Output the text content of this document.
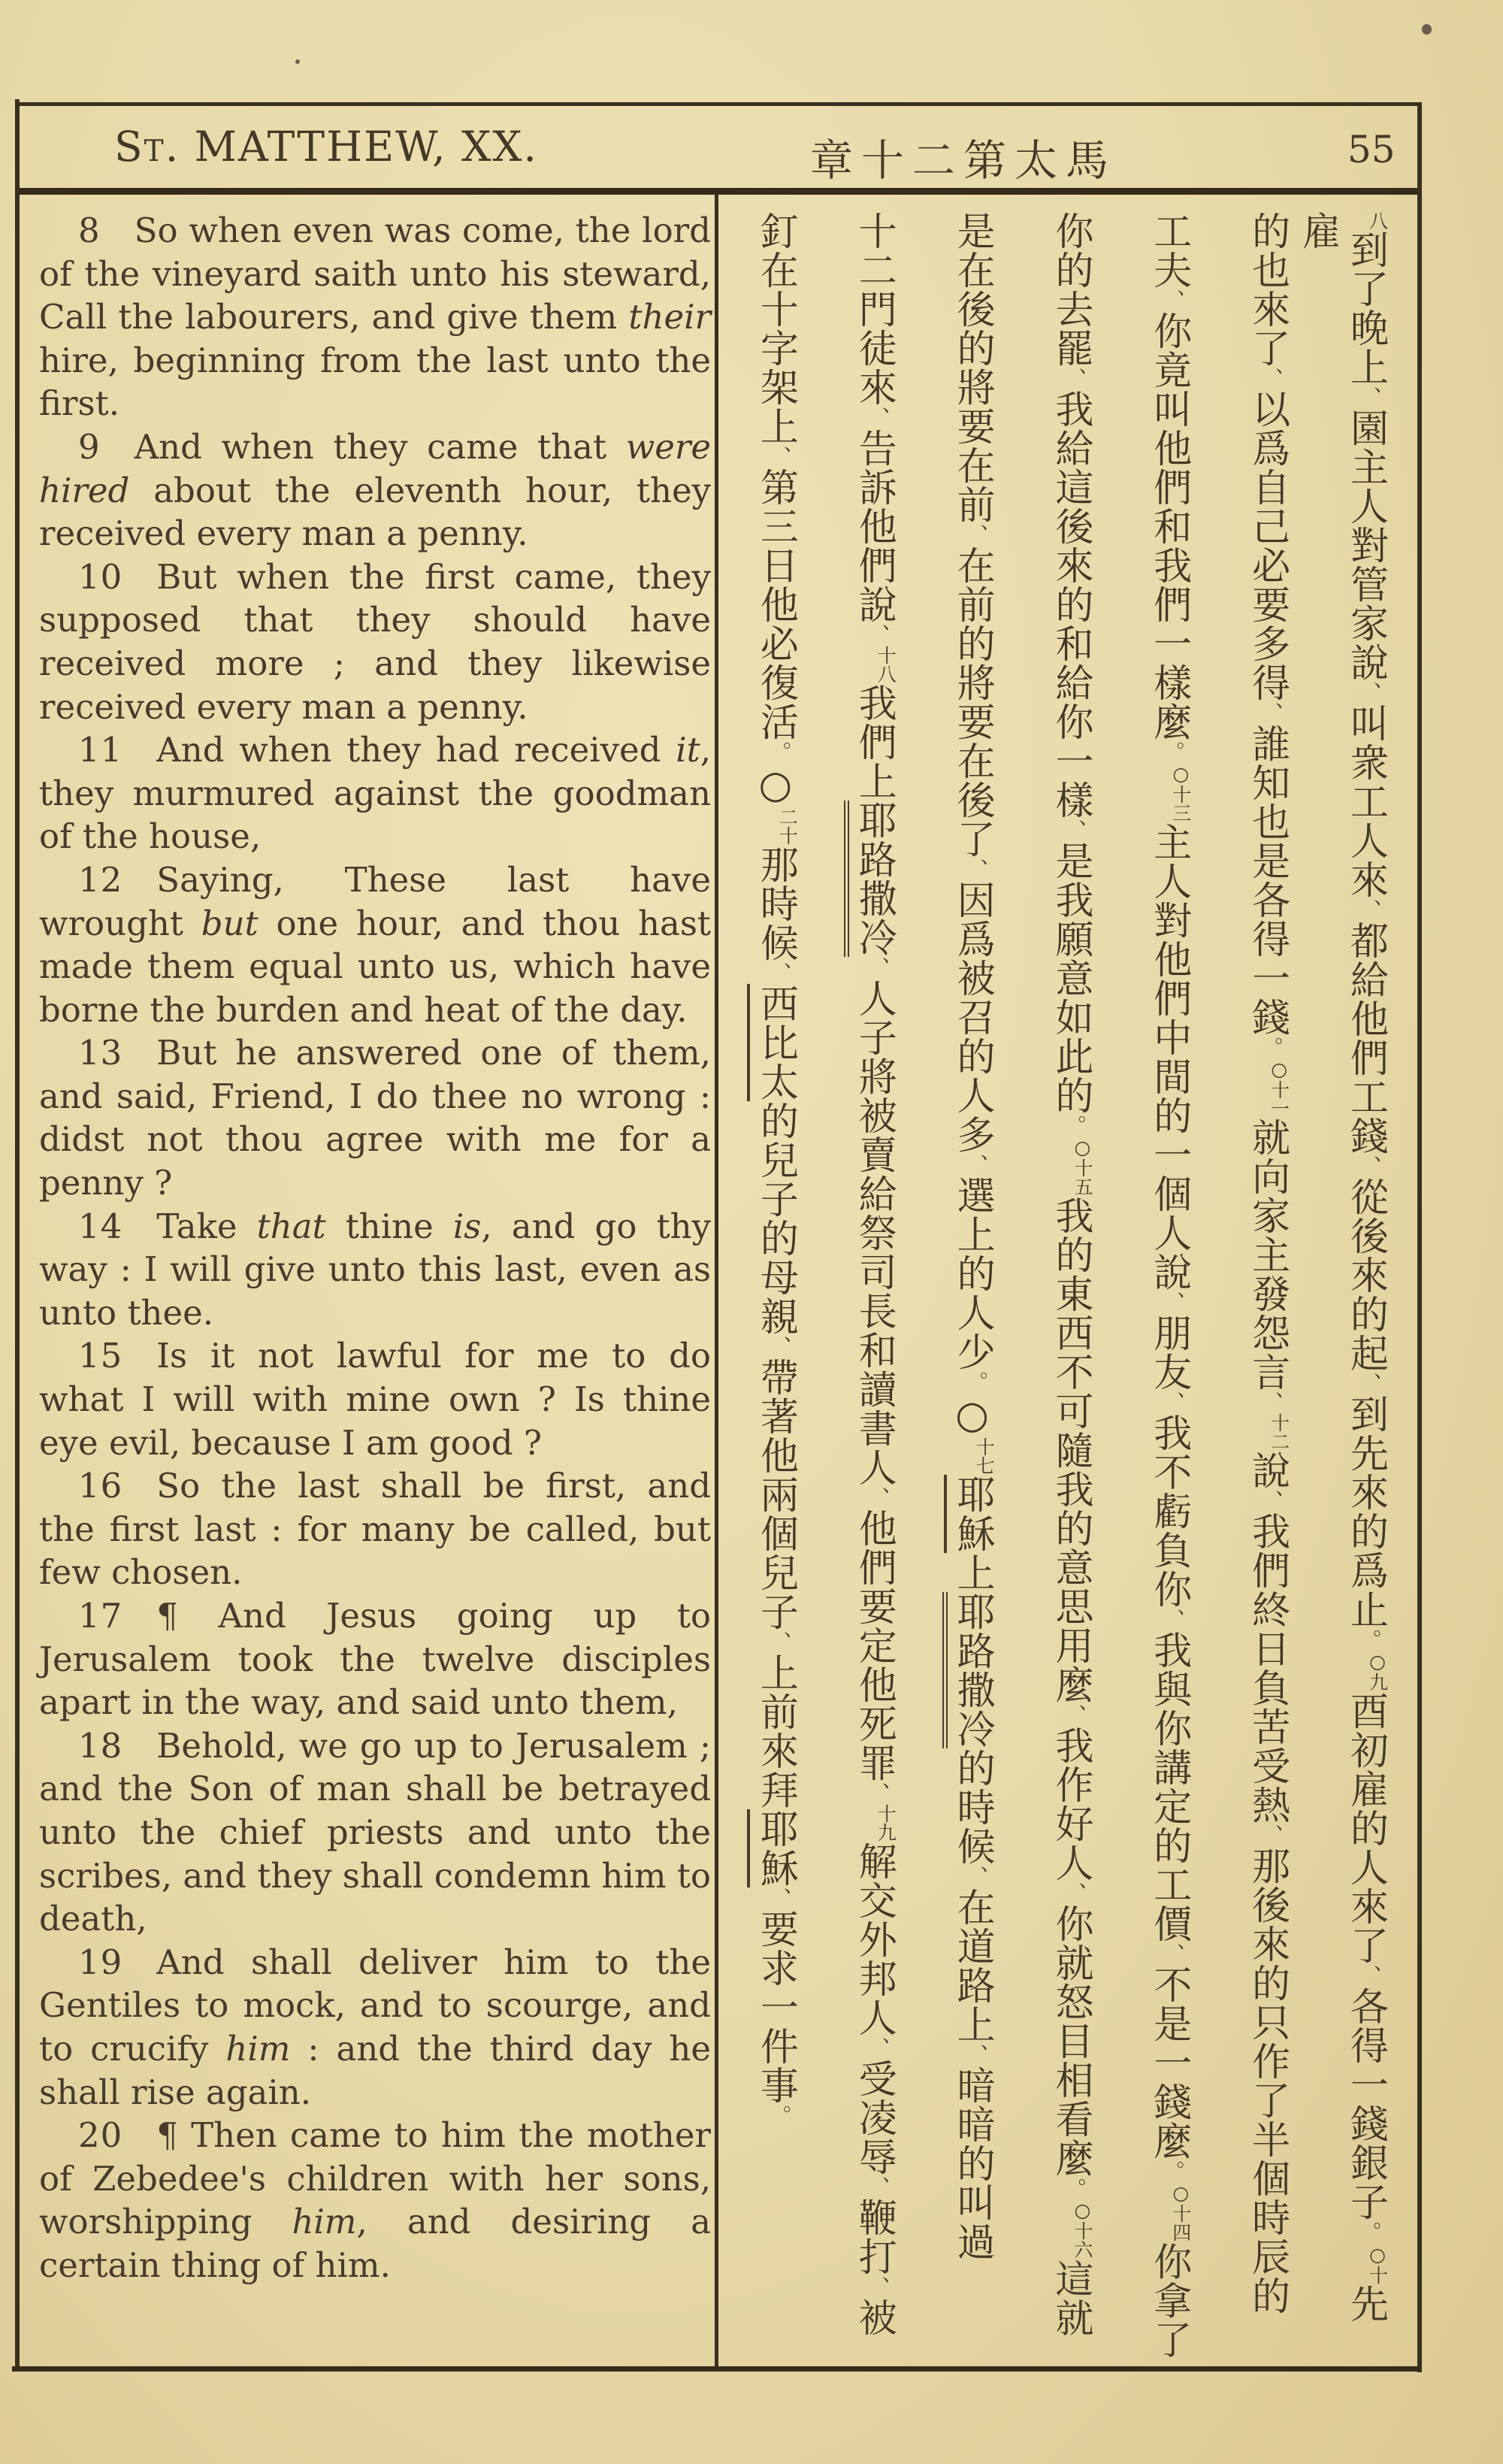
St. MATTHEW, XX.	章十二第太馬	55

8  So when even was come, the lord of the vineyard saith unto his steward, Call the labourers, and give them their hire, beginning from the last unto the first.

9  And when they came that were hired about the eleventh hour, they received every man a penny.

10  But when the first came, they supposed that they should have received more ; and they likewise received every man a penny.

11  And when they had received it, they murmured against the goodman of the house,

12  Saying, These last have wrought but one hour, and thou hast made them equal unto us, which have borne the burden and heat of the day.

13  But he answered one of them, and said, Friend, I do thee no wrong : didst not thou agree with me for a penny ?

14  Take that thine is, and go thy way : I will give unto this last, even as unto thee.

15  Is it not lawful for me to do what I will with mine own ? Is thine eye evil, because I am good ?

16  So the last shall be first, and the first last : for many be called, but few chosen.

17  ¶ And Jesus going up to Jerusalem took the twelve disciples apart in the way, and said unto them,

18  Behold, we go up to Jerusalem ; and the Son of man shall be betrayed unto the chief priests and unto the scribes, and they shall condemn him to death,

19  And shall deliver him to the Gentiles to mock, and to scourge, and to crucify him : and the third day he shall rise again.

20  ¶ Then came to him the mother of Zebedee's children with her sons, worshipping him, and desiring a certain thing of him.

八到了晚上、園主人對管家說、叫衆工人來、都給他們工錢、從後來的起、到先來的爲止。○九酉初雇的人來了、各得一錢銀子。○十先雇
的也來了、以爲自己必要多得、誰知也是各得一錢。○十一就向家主發怨言、十二說、我們終日負苦受熱、那後來的只作了半個時辰的
工夫、你竟叫他們和我們一樣麼。○十三主人對他們中間的一個人說、朋友、我不虧負你、我與你講定的工價、不是一錢麼。○十四你拿了
你的去罷、我給這後來的和給你一樣、是我願意如此的。○十五我的東西不可隨我的意思用麼、我作好人、你就怒目相看麼。○十六這就
是在後的將要在前、在前的將要在後了、因爲被召的人多、選上的人少。○十七耶穌上耶路撒冷的時候、在道路上、暗暗的叫過
十二門徒來、告訴他們說、十八我們上耶路撒冷、人子將被賣給祭司長和讀書人、他們要定他死罪、十九解交外邦人、受凌辱、鞭打、被
釘在十字架上、第三日他必復活。○二十那時候、西比太的兒子的母親、帶著他兩個兒子、上前來拜耶穌、要求一件事。
